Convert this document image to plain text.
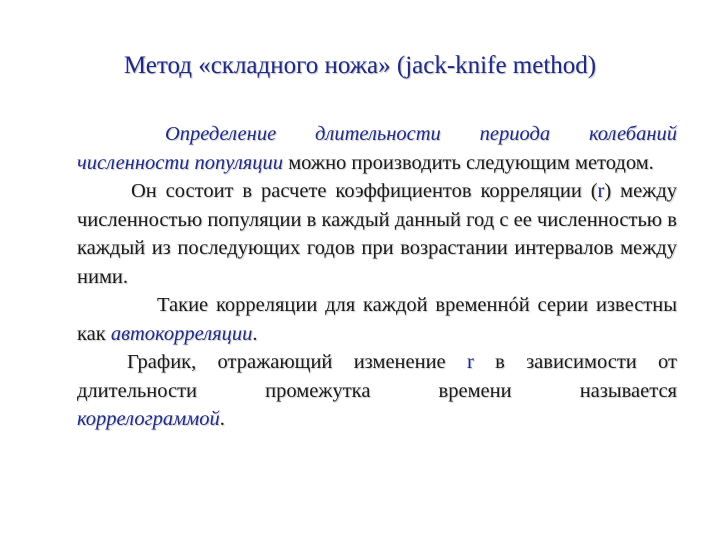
Метод «складного ножа» (jack-knife method)

Определение длительности периода колебаний численности популяции можно производить следующим методом.

Он состоит в расчете коэффициентов корреляции (r) между численностью популяции в каждый данный год с ее численностью в каждый из последующих годов при возрастании интервалов между ними.

Такие корреляции для каждой временнóй серии известны как автокорреляции.

График, отражающий изменение r в зависимости от длительности промежутка времени называется

коррелограммой.
